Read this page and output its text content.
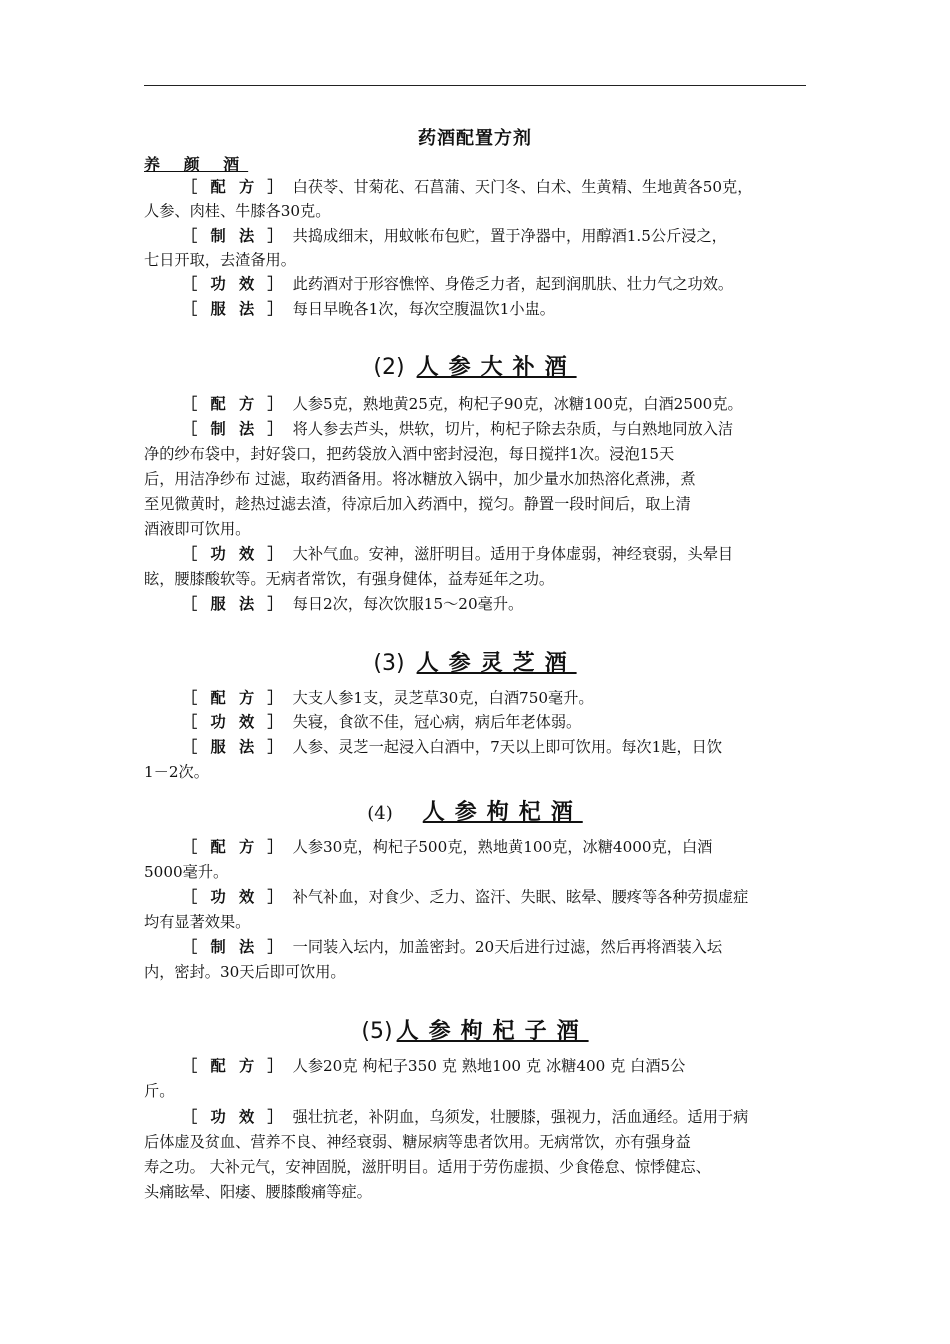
药酒配置方剂
养 颜 酒
［ 配 方 ］ 白茯苓、甘菊花、石菖蒲、天门冬、白术、生黄精、生地黄各50克，
人参、肉桂、牛膝各30克。
［ 制 法 ］ 共捣成细末，用蚊帐布包贮，置于净器中，用醇酒1.5公斤浸之，
七日开取，去渣备用。
［ 功 效 ］ 此药酒对于形容憔悴、身倦乏力者，起到润肌肤、壮力气之功效。
［ 服 法 ］ 每日早晚各1次，每次空腹温饮1小盅。
(2) 人参大补酒
［ 配 方 ］ 人参5克，熟地黄25克，枸杞子90克，冰糖100克，白酒2500克。
［ 制 法 ］ 将人参去芦头，烘软，切片，枸杞子除去杂质，与白熟地同放入洁
净的纱布袋中，封好袋口，把药袋放入酒中密封浸泡，每日搅拌1次。浸泡15天
后，用洁净纱布 过滤，取药酒备用。将冰糖放入锅中，加少量水加热溶化煮沸，煮
至见微黄时，趁热过滤去渣，待凉后加入药酒中，搅匀。静置一段时间后，取上清
酒液即可饮用。
［ 功 效 ］ 大补气血。安神，滋肝明目。适用于身体虚弱，神经衰弱，头晕目
眩，腰膝酸软等。无病者常饮，有强身健体，益寿延年之功。
［ 服 法 ］ 每日2次，每次饮服15～20毫升。
(3) 人参灵芝酒
［ 配 方 ］ 大支人参1支，灵芝草30克，白酒750毫升。
［ 功 效 ］ 失寝，食欲不佳，冠心病，病后年老体弱。
［ 服 法 ］ 人参、灵芝一起浸入白酒中，7天以上即可饮用。每次1匙，日饮
1－2次。
(4) 人参枸杞酒
［ 配 方 ］ 人参30克，枸杞子500克，熟地黄100克，冰糖4000克，白酒
5000毫升。
［ 功 效 ］ 补气补血，对食少、乏力、盗汗、失眠、眩晕、腰疼等各种劳损虚症
均有显著效果。
［ 制 法 ］ 一同装入坛内，加盖密封。20天后进行过滤，然后再将酒装入坛
内，密封。30天后即可饮用。
(5) 人参枸杞子酒
［ 配 方 ］ 人参20克 枸杞子350 克 熟地100 克 冰糖400 克 白酒5公
斤。
［ 功 效 ］ 强壮抗老，补阴血，乌须发，壮腰膝，强视力，活血通经。适用于病
后体虚及贫血、营养不良、神经衰弱、糖尿病等患者饮用。无病常饮，亦有强身益
寿之功。 大补元气，安神固脱，滋肝明目。适用于劳伤虚损、少食倦怠、惊悸健忘、
头痛眩晕、阳痿、腰膝酸痛等症。
